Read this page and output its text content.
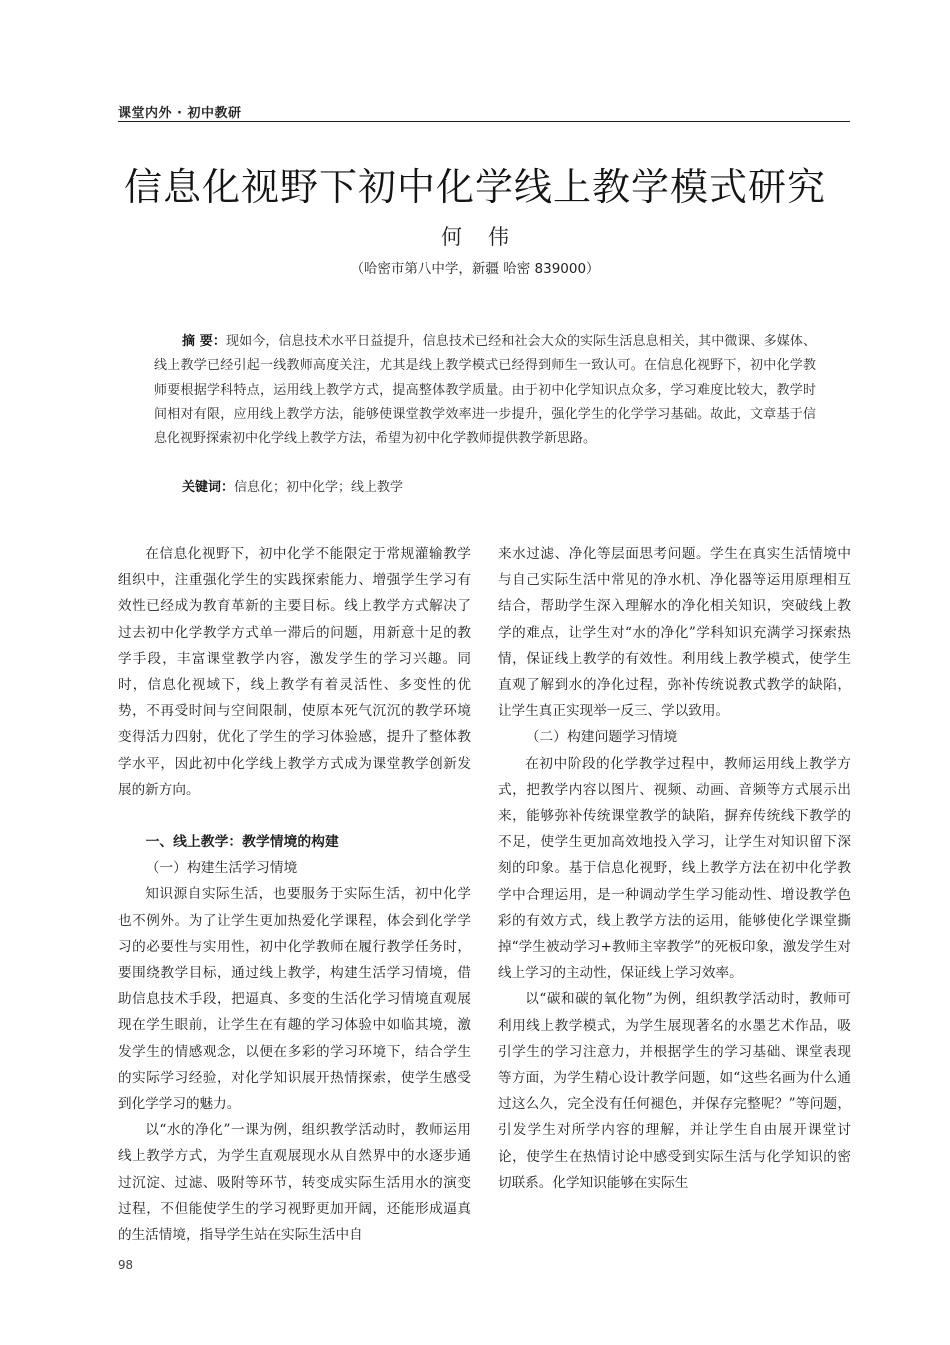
课堂内外 · 初中教研
信息化视野下初中化学线上教学模式研究
何伟
（哈密市第八中学，新疆 哈密 839000）
摘 要：现如今，信息技术水平日益提升，信息技术已经和社会大众的实际生活息息相关，其中微课、多媒体、线上教学已经引起一线教师高度关注，尤其是线上教学模式已经得到师生一致认可。在信息化视野下，初中化学教师要根据学科特点，运用线上教学方式，提高整体教学质量。由于初中化学知识点众多，学习难度比较大，教学时间相对有限，应用线上教学方法，能够使课堂教学效率进一步提升，强化学生的化学学习基础。故此，文章基于信息化视野探索初中化学线上教学方法，希望为初中化学教师提供教学新思路。
关键词：信息化；初中化学；线上教学

在信息化视野下，初中化学不能限定于常规灌输教学组织中，注重强化学生的实践探索能力、增强学生学习有效性已经成为教育革新的主要目标。线上教学方式解决了过去初中化学教学方式单一滞后的问题，用新意十足的教学手段，丰富课堂教学内容，激发学生的学习兴趣。同时，信息化视域下，线上教学有着灵活性、多变性的优势，不再受时间与空间限制，使原本死气沉沉的教学环境变得活力四射，优化了学生的学习体验感，提升了整体教学水平，因此初中化学线上教学方式成为课堂教学创新发展的新方向。

一、线上教学：教学情境的构建

（一）构建生活学习情境

知识源自实际生活，也要服务于实际生活，初中化学也不例外。为了让学生更加热爱化学课程，体会到化学学习的必要性与实用性，初中化学教师在履行教学任务时，要围绕教学目标，通过线上教学，构建生活学习情境，借助信息技术手段，把逼真、多变的生活化学习情境直观展现在学生眼前，让学生在有趣的学习体验中如临其境，激发学生的情感观念，以便在多彩的学习环境下，结合学生的实际学习经验，对化学知识展开热情探索，使学生感受到化学学习的魅力。

以“水的净化”一课为例，组织教学活动时，教师运用线上教学方式，为学生直观展现水从自然界中的水逐步通过沉淀、过滤、吸附等环节，转变成实际生活用水的演变过程，不但能使学生的学习视野更加开阔，还能形成逼真的生活情境，指导学生站在实际生活中自

来水过滤、净化等层面思考问题。学生在真实生活情境中与自己实际生活中常见的净水机、净化器等运用原理相互结合，帮助学生深入理解水的净化相关知识，突破线上教学的难点，让学生对“水的净化”学科知识充满学习探索热情，保证线上教学的有效性。利用线上教学模式，使学生直观了解到水的净化过程，弥补传统说教式教学的缺陷，让学生真正实现举一反三、学以致用。

（二）构建问题学习情境

在初中阶段的化学教学过程中，教师运用线上教学方式，把教学内容以图片、视频、动画、音频等方式展示出来，能够弥补传统课堂教学的缺陷，摒弃传统线下教学的不足，使学生更加高效地投入学习，让学生对知识留下深刻的印象。基于信息化视野，线上教学方法在初中化学教学中合理运用，是一种调动学生学习能动性、增设教学色彩的有效方式，线上教学方法的运用，能够使化学课堂撕掉“学生被动学习+教师主宰教学”的死板印象，激发学生对线上学习的主动性，保证线上学习效率。

以“碳和碳的氧化物”为例，组织教学活动时，教师可利用线上教学模式，为学生展现著名的水墨艺术作品，吸引学生的学习注意力，并根据学生的学习基础、课堂表现等方面，为学生精心设计教学问题，如“这些名画为什么通过这么久，完全没有任何褪色，并保存完整呢？”等问题，引发学生对所学内容的理解，并让学生自由展开课堂讨论，使学生在热情讨论中感受到实际生活与化学知识的密切联系。化学知识能够在实际生

98
